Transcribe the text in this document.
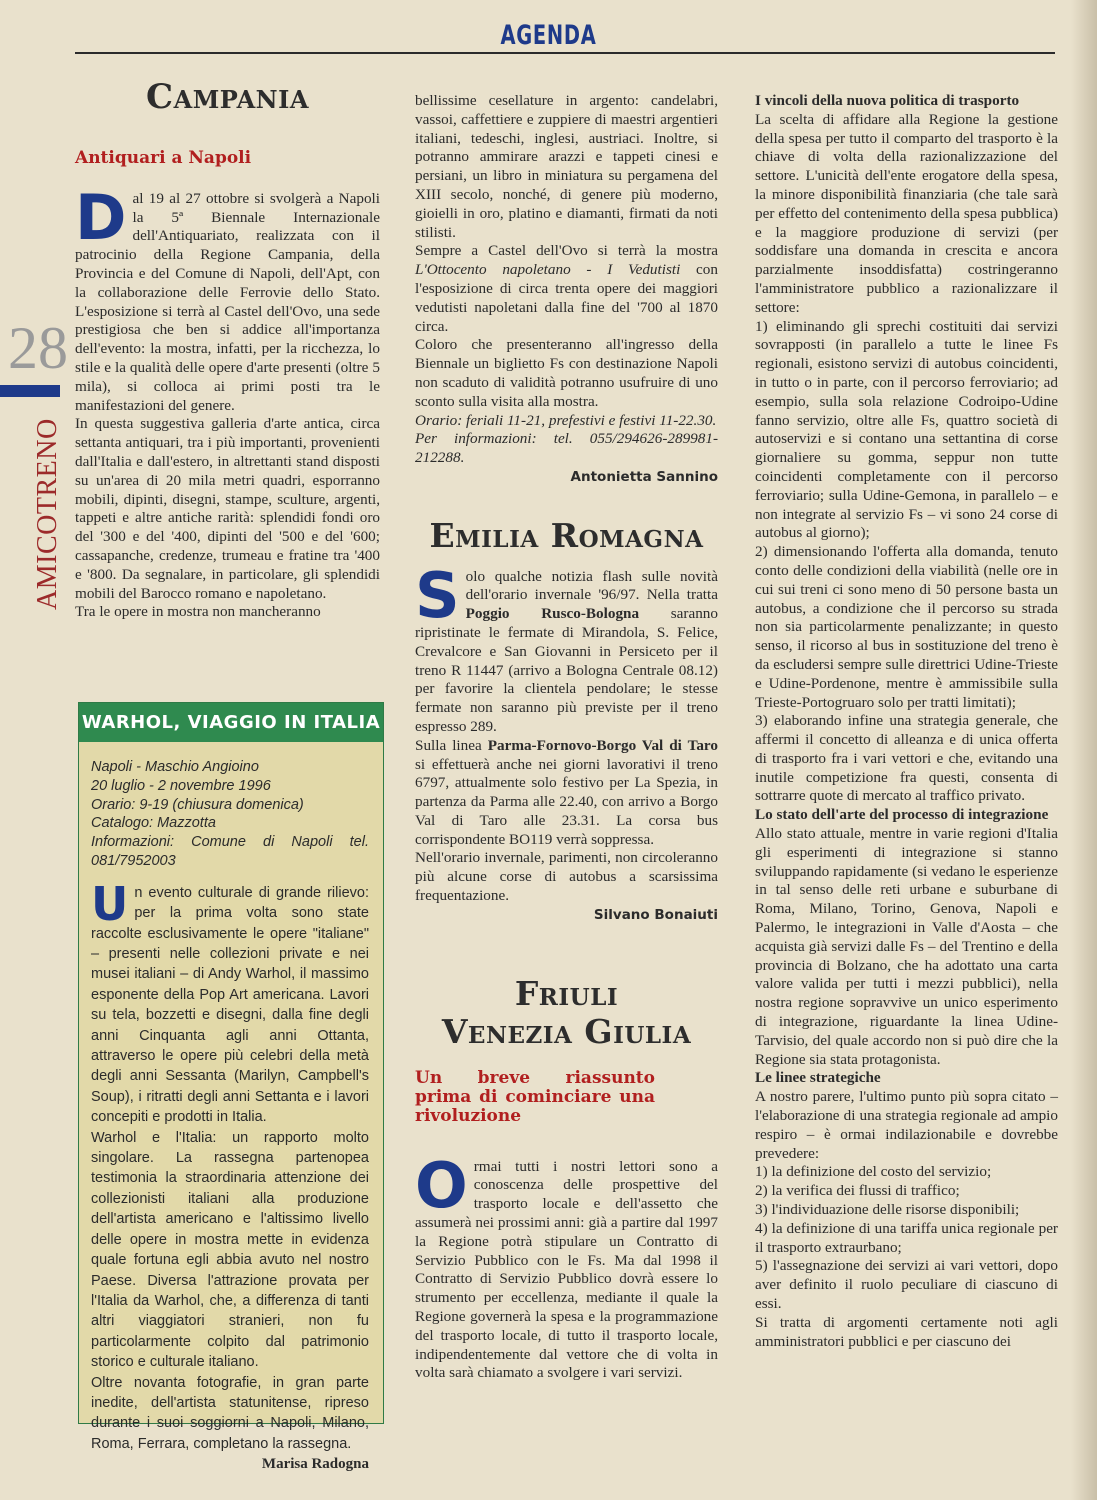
AGENDA
28
AMICOTRENO
Campania
Antiquari a Napoli

Dal 19 al 27 ottobre si svolgerà a Napoli la 5ª Biennale Internazionale dell'Antiquariato, realizzata con il patrocinio della Regione Campania, della Provincia e del Comune di Napoli, dell'Apt, con la collaborazione delle Ferrovie dello Stato. L'esposizione si terrà al Castel dell'Ovo, una sede prestigiosa che ben si addice all'importanza dell'evento: la mostra, infatti, per la ricchezza, lo stile e la qualità delle opere d'arte presenti (oltre 5 mila), si colloca ai primi posti tra le manifestazioni del genere.

In questa suggestiva galleria d'arte antica, circa settanta antiquari, tra i più importanti, provenienti dall'Italia e dall'estero, in altrettanti stand disposti su un'area di 20 mila metri quadri, esporranno mobili, dipinti, disegni, stampe, sculture, argenti, tappeti e altre antiche rarità: splendidi fondi oro del '300 e del '400, dipinti del '500 e del '600; cassapanche, credenze, trumeau e fratine tra '400 e '800. Da segnalare, in particolare, gli splendidi mobili del Barocco romano e napoletano.

Tra le opere in mostra non mancheranno

WARHOL, VIAGGIO IN ITALIA
Napoli - Maschio Angioino
20 luglio - 2 novembre 1996
Orario: 9-19 (chiusura domenica)
Catalogo: Mazzotta
Informazioni: Comune di Napoli tel. 081/7952003

Un evento culturale di grande rilievo: per la prima volta sono state raccolte esclusivamente le opere "italiane" – presenti nelle collezioni private e nei musei italiani – di Andy Warhol, il massimo esponente della Pop Art americana. Lavori su tela, bozzetti e disegni, dalla fine degli anni Cinquanta agli anni Ottanta, attraverso le opere più celebri della metà degli anni Sessanta (Marilyn, Campbell's Soup), i ritratti degli anni Settanta e i lavori concepiti e prodotti in Italia.

Warhol e l'Italia: un rapporto molto singolare. La rassegna partenopea testimonia la straordinaria attenzione dei collezionisti italiani alla produzione dell'artista americano e l'altissimo livello delle opere in mostra mette in evidenza quale fortuna egli abbia avuto nel nostro Paese. Diversa l'attrazione provata per l'Italia da Warhol, che, a differenza di tanti altri viaggiatori stranieri, non fu particolarmente colpito dal patrimonio storico e culturale italiano.

Oltre novanta fotografie, in gran parte inedite, dell'artista statunitense, ripreso durante i suoi soggiorni a Napoli, Milano, Roma, Ferrara, completano la rassegna.

Marisa Radogna

bellissime cesellature in argento: candelabri, vassoi, caffettiere e zuppiere di maestri argentieri italiani, tedeschi, inglesi, austriaci. Inoltre, si potranno ammirare arazzi e tappeti cinesi e persiani, un libro in miniatura su pergamena del XIII secolo, nonché, di genere più moderno, gioielli in oro, platino e diamanti, firmati da noti stilisti.

Sempre a Castel dell'Ovo si terrà la mostra L'Ottocento napoletano - I Vedutisti con l'esposizione di circa trenta opere dei maggiori vedutisti napoletani dalla fine del '700 al 1870 circa.

Coloro che presenteranno all'ingresso della Biennale un biglietto Fs con destinazione Napoli non scaduto di validità potranno usufruire di uno sconto sulla visita alla mostra.

Orario: feriali 11-21, prefestivi e festivi 11-22.30.

Per informazioni: tel. 055/294626-289981-212288.

Antonietta Sannino

Emilia Romagna

Solo qualche notizia flash sulle novità dell'orario invernale '96/97. Nella tratta Poggio Rusco-Bologna saranno ripristinate le fermate di Mirandola, S. Felice, Crevalcore e San Giovanni in Persiceto per il treno R 11447 (arrivo a Bologna Centrale 08.12) per favorire la clientela pendolare; le stesse fermate non saranno più previste per il treno espresso 289.

Sulla linea Parma-Fornovo-Borgo Val di Taro si effettuerà anche nei giorni lavorativi il treno 6797, attualmente solo festivo per La Spezia, in partenza da Parma alle 22.40, con arrivo a Borgo Val di Taro alle 23.31. La corsa bus corrispondente BO119 verrà soppressa.

Nell'orario invernale, parimenti, non circoleranno più alcune corse di autobus a scarsissima frequentazione.

Silvano Bonaiuti

Friuli
Venezia Giulia
Un breve riassunto prima di cominciare una rivoluzione

Ormai tutti i nostri lettori sono a conoscenza delle prospettive del trasporto locale e dell'assetto che assumerà nei prossimi anni: già a partire dal 1997 la Regione potrà stipulare un Contratto di Servizio Pubblico con le Fs. Ma dal 1998 il Contratto di Servizio Pubblico dovrà essere lo strumento per eccellenza, mediante il quale la Regione governerà la spesa e la programmazione del trasporto locale, di tutto il trasporto locale, indipendentemente dal vettore che di volta in volta sarà chiamato a svolgere i vari servizi.

I vincoli della nuova politica di trasporto

La scelta di affidare alla Regione la gestione della spesa per tutto il comparto del trasporto è la chiave di volta della razionalizzazione del settore. L'unicità dell'ente erogatore della spesa, la minore disponibilità finanziaria (che tale sarà per effetto del contenimento della spesa pubblica) e la maggiore produzione di servizi (per soddisfare una domanda in crescita e ancora parzialmente insoddisfatta) costringeranno l'amministratore pubblico a razionalizzare il settore:

1) eliminando gli sprechi costituiti dai servizi sovrapposti (in parallelo a tutte le linee Fs regionali, esistono servizi di autobus coincidenti, in tutto o in parte, con il percorso ferroviario; ad esempio, sulla sola relazione Codroipo-Udine fanno servizio, oltre alle Fs, quattro società di autoservizi e si contano una settantina di corse giornaliere su gomma, seppur non tutte coincidenti completamente con il percorso ferroviario; sulla Udine-Gemona, in parallelo – e non integrate al servizio Fs – vi sono 24 corse di autobus al giorno);

2) dimensionando l'offerta alla domanda, tenuto conto delle condizioni della viabilità (nelle ore in cui sui treni ci sono meno di 50 persone basta un autobus, a condizione che il percorso su strada non sia particolarmente penalizzante; in questo senso, il ricorso al bus in sostituzione del treno è da escludersi sempre sulle direttrici Udine-Trieste e Udine-Pordenone, mentre è ammissibile sulla Trieste-Portogruaro solo per tratti limitati);

3) elaborando infine una strategia generale, che affermi il concetto di alleanza e di unica offerta di trasporto fra i vari vettori e che, evitando una inutile competizione fra questi, consenta di sottrarre quote di mercato al traffico privato.

Lo stato dell'arte del processo di integrazione

Allo stato attuale, mentre in varie regioni d'Italia gli esperimenti di integrazione si stanno sviluppando rapidamente (si vedano le esperienze in tal senso delle reti urbane e suburbane di Roma, Milano, Torino, Genova, Napoli e Palermo, le integrazioni in Valle d'Aosta – che acquista già servizi dalle Fs – del Trentino e della provincia di Bolzano, che ha adottato una carta valore valida per tutti i mezzi pubblici), nella nostra regione sopravvive un unico esperimento di integrazione, riguardante la linea Udine-Tarvisio, del quale accordo non si può dire che la Regione sia stata protagonista.

Le linee strategiche

A nostro parere, l'ultimo punto più sopra citato – l'elaborazione di una strategia regionale ad ampio respiro – è ormai indilazionabile e dovrebbe prevedere:

1) la definizione del costo del servizio;

2) la verifica dei flussi di traffico;

3) l'individuazione delle risorse disponibili;

4) la definizione di una tariffa unica regionale per il trasporto extraurbano;

5) l'assegnazione dei servizi ai vari vettori, dopo aver definito il ruolo peculiare di ciascuno di essi.

Si tratta di argomenti certamente noti agli amministratori pubblici e per ciascuno dei
